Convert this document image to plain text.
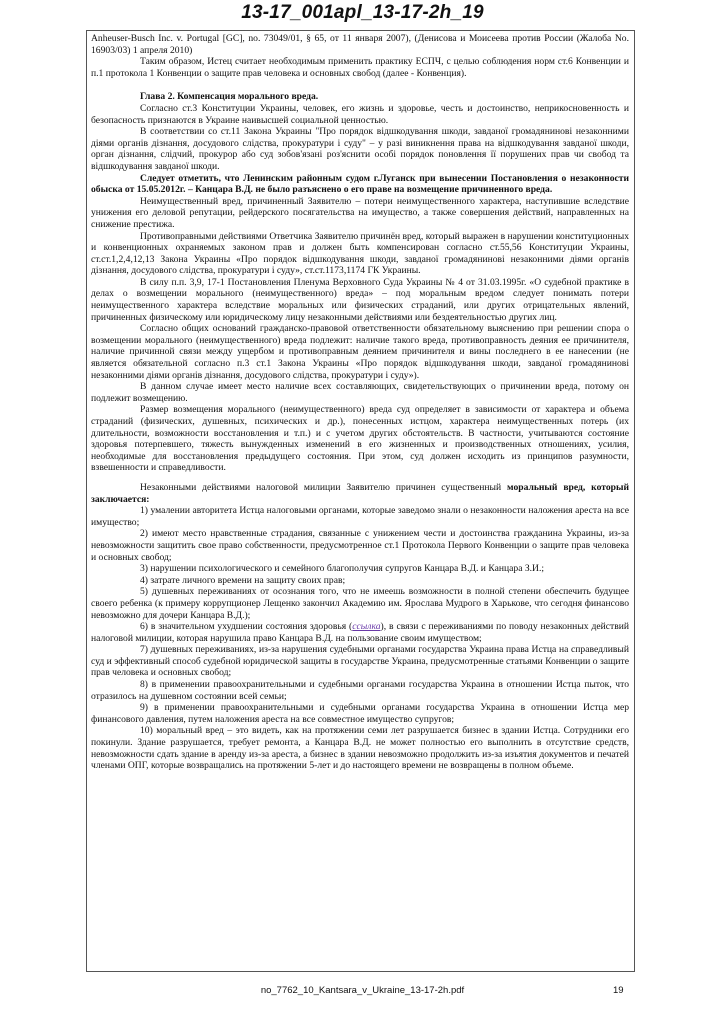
13-17_001apl_13-17-2h_19

Anheuser-Busch Inc. v. Portugal [GC], no. 73049/01, § 65, от 11 января 2007), (Денисова и Моисеева против России (Жалоба No. 16903/03) 1 апреля 2010)

Таким образом, Истец считает необходимым применить практику ЕСПЧ, с целью соблюдения норм ст.6 Конвенции и п.1 протокола 1 Конвенции о защите прав человека и основных свобод (далее - Конвенция).

Глава 2. Компенсация морального вреда.

Согласно ст.3 Конституции Украины, человек, его жизнь и здоровье, честь и достоинство, неприкосновенность и безопасность признаются в Украине наивысшей социальной ценностью.

В соответствии со ст.11 Закона Украины "Про порядок відшкодування шкоди, завданої громадянинові незаконними діями органів дізнання, досудового слідства, прокуратури і суду" – у разі виникнення права на відшкодування завданої шкоди, орган дізнання, слідчий, прокурор або суд зобов'язані роз'яснити особі порядок поновлення її порушених прав чи свобод та відшкодування завданої шкоди.

Следует отметить, что Ленинским районным судом г.Луганск при вынесении Постановления о незаконности обыска от 15.05.2012г. – Канцара В.Д. не было разъяснено о его праве на возмещение причиненного вреда.

Неимущественный вред, причиненный Заявителю – потери неимущественного характера, наступившие вследствие унижения его деловой репутации, рейдерского посягательства на имущество, а также совершения действий, направленных на снижение престижа.

Противоправными действиями Ответчика Заявителю причинён вред, который выражен в нарушении конституционных и конвенционных охраняемых законом прав и должен быть компенсирован согласно ст.55,56 Конституции Украины, ст.ст.1,2,4,12,13 Закона Украины «Про порядок відшкодування шкоди, завданої громадянинові незаконними діями органів дізнання, досудового слідства, прокуратури і суду», ст.ст.1173,1174 ГК Украины.

В силу п.п. 3,9, 17-1 Постановления Пленума Верховного Суда Украины № 4 от 31.03.1995г. «О судебной практике в делах о возмещении морального (неимущественного) вреда» – под моральным вредом следует понимать потери неимущественного характера вследствие моральных или физических страданий, или других отрицательных явлений, причиненных физическому или юридическому лицу незаконными действиями или бездеятельностью других лиц.

Согласно общих оснований гражданско-правовой ответственности обязательному выяснению при решении спора о возмещении морального (неимущественного) вреда подлежит: наличие такого вреда, противоправность деяния ее причинителя, наличие причинной связи между ущербом и противоправным деянием причинителя и вины последнего в ее нанесении (не является обязательной согласно п.3 ст.1 Закона Украины «Про порядок відшкодування шкоди, завданої громадянинові незаконними діями органів дізнання, досудового слідства, прокуратури і суду»).

В данном случае имеет место наличие всех составляющих, свидетельствующих о причинении вреда, потому он подлежит возмещению.

Размер возмещения морального (неимущественного) вреда суд определяет в зависимости от характера и объема страданий (физических, душевных, психических и др.), понесенных истцом, характера неимущественных потерь (их длительности, возможности восстановления и т.п.) и с учетом других обстоятельств. В частности, учитываются состояние здоровья потерпевшего, тяжесть вынужденных изменений в его жизненных и производственных отношениях, усилия, необходимые для восстановления предыдущего состояния. При этом, суд должен исходить из принципов разумности, взвешенности и справедливости.

Незаконными действиями налоговой милиции Заявителю причинен существенный моральный вред, который заключается:

1) умалении авторитета Истца налоговыми органами, которые заведомо знали о незаконности наложения ареста на все имущество;

2) имеют место нравственные страдания, связанные с унижением чести и достоинства гражданина Украины, из-за невозможности защитить свое право собственности, предусмотренное ст.1 Протокола Первого Конвенции о защите прав человека и основных свобод;

3) нарушении психологического и семейного благополучия супругов Канцара В.Д. и Канцара З.И.;

4) затрате личного времени на защиту своих прав;

5) душевных переживаниях от осознания того, что не имеешь возможности в полной степени обеспечить будущее своего ребенка (к примеру коррупционер Лещенко закончил Академию им. Ярослава Мудрого в Харькове, что сегодня финансово невозможно для дочери Канцара В.Д.);

6) в значительном ухудшении состояния здоровья (ссылка), в связи с переживаниями по поводу незаконных действий налоговой милиции, которая нарушила право Канцара В.Д. на пользование своим имуществом;

7) душевных переживаниях, из-за нарушения судебными органами государства Украина права Истца на справедливый суд и эффективный способ судебной юридической защиты в государстве Украина, предусмотренные статьями Конвенции о защите прав человека и основных свобод;

8) в применении правоохранительными и судебными органами государства Украина в отношении Истца пыток, что отразилось на душевном состоянии всей семьи;

9) в применении правоохранительными и судебными органами государства Украина в отношении Истца мер финансового давления, путем наложения ареста на все совместное имущество супругов;

10) моральный вред – это видеть, как на протяжении семи лет разрушается бизнес в здании Истца. Сотрудники его покинули. Здание разрушается, требует ремонта, а Канцара В.Д. не может полностью его выполнить в отсутствие средств, невозможности сдать здание в аренду из-за ареста, а бизнес в здании невозможно продолжить из-за изъятия документов и печатей членами ОПГ, которые возвращались на протяжении 5-лет и до настоящего времени не возвращены в полном объеме.

no_7762_10_Kantsara_v_Ukraine_13-17-2h.pdf	19
